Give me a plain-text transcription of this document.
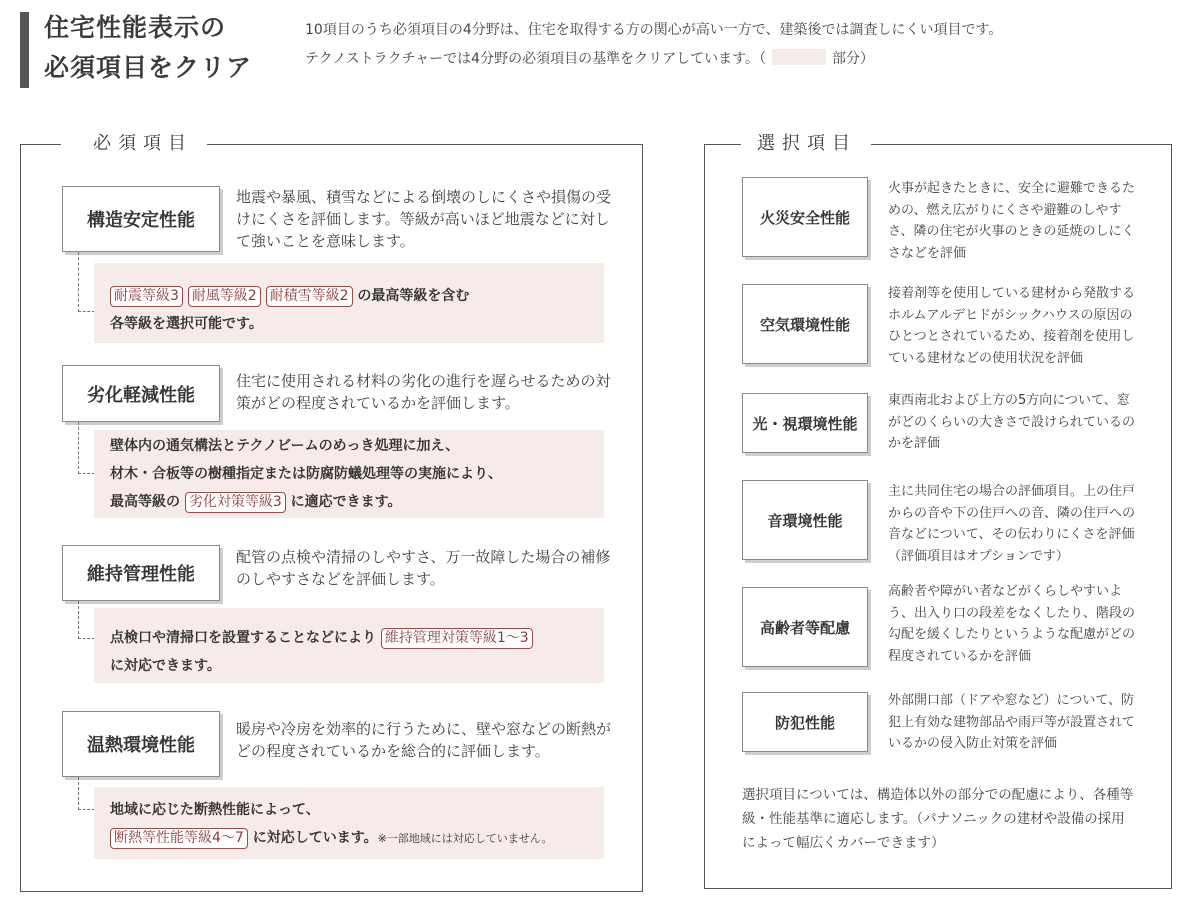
住宅性能表示の
必須項目をクリア
10項目のうち必須項目の4分野は、住宅を取得する方の関心が高い一方で、建築後では調査しにくい項目です。
テクノストラクチャーでは4分野の必須項目の基準をクリアしています。（	部分）
必須項目
構造安定性能
地震や暴風、積雪などによる倒壊のしにくさや損傷の受けにくさを評価します。等級が高いほど地震などに対して強いことを意味します。
耐震等級3 耐風等級2 耐積雪等級2 の最高等級を含む
各等級を選択可能です。
劣化軽減性能
住宅に使用される材料の劣化の進行を遅らせるための対策がどの程度されているかを評価します。
壁体内の通気構法とテクノビームのめっき処理に加え、
材木・合板等の樹種指定または防腐防蟻処理等の実施により、
最高等級の 劣化対策等級3 に適応できます。
維持管理性能
配管の点検や清掃のしやすさ、万一故障した場合の補修のしやすさなどを評価します。
点検口や清掃口を設置することなどにより 維持管理対策等級1～3
に対応できます。
温熱環境性能
暖房や冷房を効率的に行うために、壁や窓などの断熱がどの程度されているかを総合的に評価します。
地域に応じた断熱性能によって、
断熱等性能等級4～7 に対応しています。※一部地域には対応していません。
選択項目
火災安全性能
火事が起きたときに、安全に避難できるための、燃え広がりにくさや避難のしやすさ、隣の住宅が火事のときの延焼のしにくさなどを評価
空気環境性能
接着剤等を使用している建材から発散するホルムアルデヒドがシックハウスの原因のひとつとされているため、接着剤を使用している建材などの使用状況を評価
光・視環境性能
東西南北および上方の5方向について、窓がどのくらいの大きさで設けられているのかを評価
音環境性能
主に共同住宅の場合の評価項目。上の住戸からの音や下の住戸への音、隣の住戸への音などについて、その伝わりにくさを評価（評価項目はオプションです）
高齢者等配慮
高齢者や障がい者などがくらしやすいよう、出入り口の段差をなくしたり、階段の勾配を緩くしたりというような配慮がどの程度されているかを評価
防犯性能
外部開口部（ドアや窓など）について、防犯上有効な建物部品や雨戸等が設置されているかの侵入防止対策を評価
選択項目については、構造体以外の部分での配慮により、各種等級・性能基準に適応します。（パナソニックの建材や設備の採用によって幅広くカバーできます）
